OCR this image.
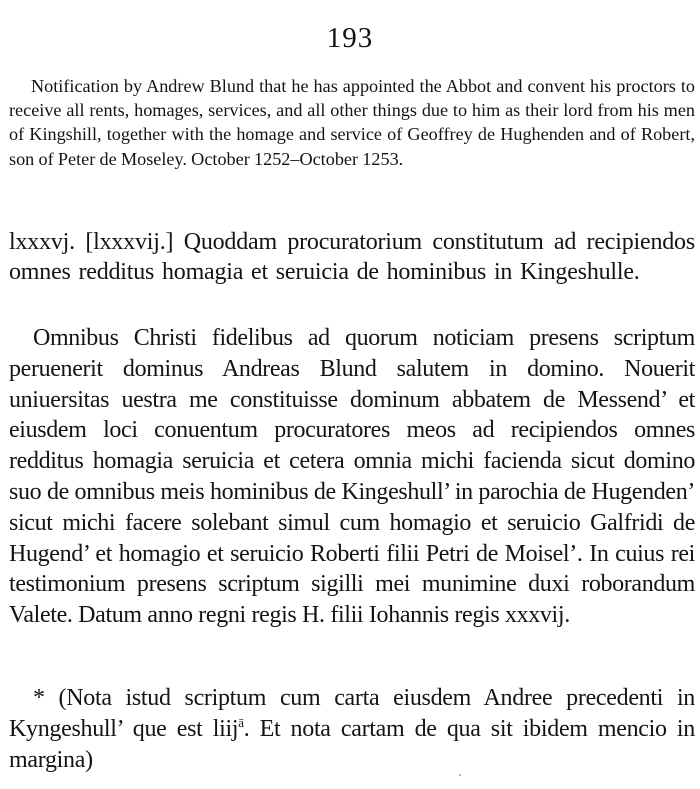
193

Notification by Andrew Blund that he has appointed the Abbot and convent his proctors to receive all rents, homages, services, and all other things due to him as their lord from his men of Kingshill, together with the homage and service of Geoffrey de Hughenden and of Robert, son of Peter de Moseley. October 1252–October 1253.

lxxxvj. [lxxxvij.] Quoddam procuratorium constitutum ad recipiendos omnes redditus homagia et seruicia de hominibus in Kingeshulle.

Omnibus Christi fidelibus ad quorum noticiam presens scriptum peruenerit dominus Andreas Blund salutem in domino. Nouerit uniuersitas uestra me constituisse dominum abbatem de Messend’ et eiusdem loci conuentum procuratores meos ad recipiendos omnes redditus homagia seruicia et cetera omnia michi facienda sicut domino suo de omnibus meis hominibus de Kingeshull’ in parochia de Hugenden’ sicut michi facere solebant simul cum homagio et seruicio Galfridi de Hugend’ et homagio et seruicio Roberti filii Petri de Moisel’. In cuius rei testimonium presens scriptum sigilli mei munimine duxi roborandum Valete. Datum anno regni regis H. filii Iohannis regis xxxvij.

* (Nota istud scriptum cum carta eiusdem Andree precedenti in Kyngeshull’ que est liij$^ā$. Et nota cartam de qua sit ibidem mencio in margina)
